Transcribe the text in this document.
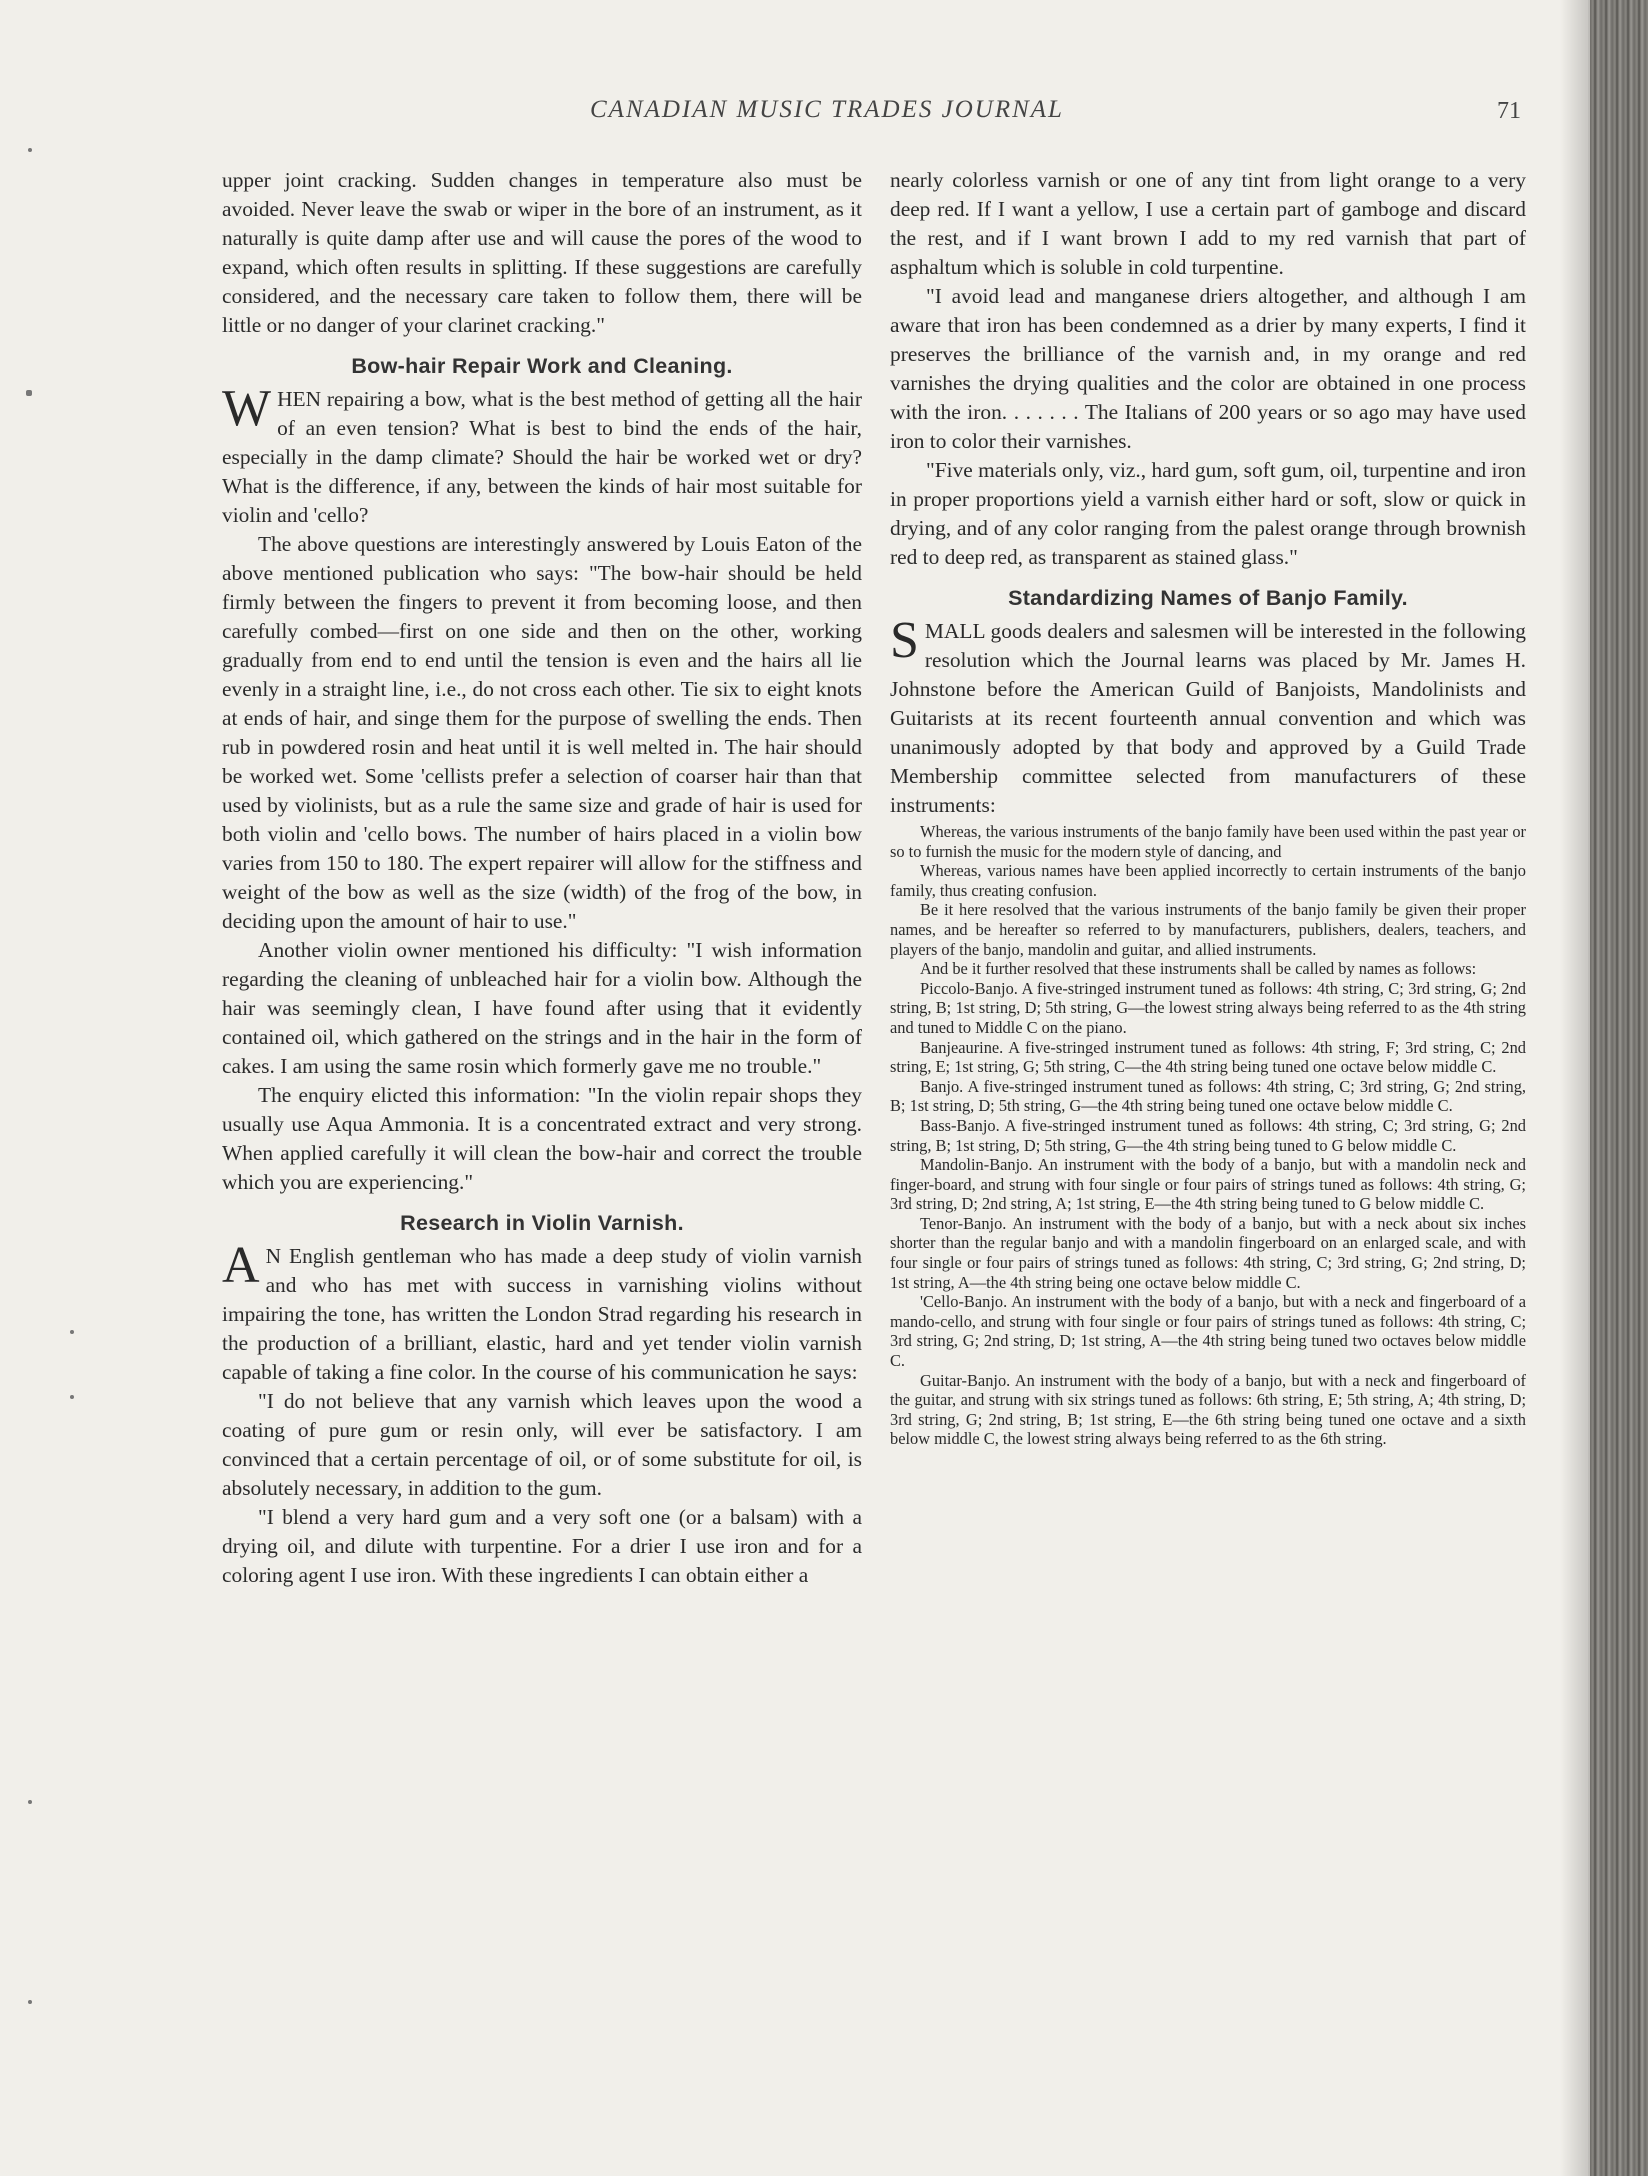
CANADIAN MUSIC TRADES JOURNAL	71

upper joint cracking. Sudden changes in temperature also must be avoided. Never leave the swab or wiper in the bore of an instrument, as it naturally is quite damp after use and will cause the pores of the wood to expand, which often results in splitting. If these suggestions are carefully considered, and the necessary care taken to follow them, there will be little or no danger of your clarinet cracking."

Bow-hair Repair Work and Cleaning.

WHEN repairing a bow, what is the best method of getting all the hair of an even tension? What is best to bind the ends of the hair, especially in the damp climate? Should the hair be worked wet or dry? What is the difference, if any, between the kinds of hair most suitable for violin and 'cello?

The above questions are interestingly answered by Louis Eaton of the above mentioned publication who says: "The bow-hair should be held firmly between the fingers to prevent it from becoming loose, and then carefully combed—first on one side and then on the other, working gradually from end to end until the tension is even and the hairs all lie evenly in a straight line, i.e., do not cross each other. Tie six to eight knots at ends of hair, and singe them for the purpose of swelling the ends. Then rub in powdered rosin and heat until it is well melted in. The hair should be worked wet. Some 'cellists prefer a selection of coarser hair than that used by violinists, but as a rule the same size and grade of hair is used for both violin and 'cello bows. The number of hairs placed in a violin bow varies from 150 to 180. The expert repairer will allow for the stiffness and weight of the bow as well as the size (width) of the frog of the bow, in deciding upon the amount of hair to use."

Another violin owner mentioned his difficulty: "I wish information regarding the cleaning of unbleached hair for a violin bow. Although the hair was seemingly clean, I have found after using that it evidently contained oil, which gathered on the strings and in the hair in the form of cakes. I am using the same rosin which formerly gave me no trouble."

The enquiry elicted this information: "In the violin repair shops they usually use Aqua Ammonia. It is a concentrated extract and very strong. When applied carefully it will clean the bow-hair and correct the trouble which you are experiencing."

Research in Violin Varnish.

A N English gentleman who has made a deep study of violin varnish and who has met with success in varnishing violins without impairing the tone, has written the London Strad regarding his research in the production of a brilliant, elastic, hard and yet tender violin varnish capable of taking a fine color. In the course of his communication he says:

"I do not believe that any varnish which leaves upon the wood a coating of pure gum or resin only, will ever be satisfactory. I am convinced that a certain percentage of oil, or of some substitute for oil, is absolutely necessary, in addition to the gum.

"I blend a very hard gum and a very soft one (or a balsam) with a drying oil, and dilute with turpentine. For a drier I use iron and for a coloring agent I use iron. With these ingredients I can obtain either a

nearly colorless varnish or one of any tint from light orange to a very deep red. If I want a yellow, I use a certain part of gamboge and discard the rest, and if I want brown I add to my red varnish that part of asphaltum which is soluble in cold turpentine.

"I avoid lead and manganese driers altogether, and although I am aware that iron has been condemned as a drier by many experts, I find it preserves the brilliance of the varnish and, in my orange and red varnishes the drying qualities and the color are obtained in one process with the iron. . . . . . . The Italians of 200 years or so ago may have used iron to color their varnishes.

"Five materials only, viz., hard gum, soft gum, oil, turpentine and iron in proper proportions yield a varnish either hard or soft, slow or quick in drying, and of any color ranging from the palest orange through brownish red to deep red, as transparent as stained glass."

Standardizing Names of Banjo Family.

SMALL goods dealers and salesmen will be interested in the following resolution which the Journal learns was placed by Mr. James H. Johnstone before the American Guild of Banjoists, Mandolinists and Guitarists at its recent fourteenth annual convention and which was unanimously adopted by that body and approved by a Guild Trade Membership committee selected from manufacturers of these instruments:

Whereas, the various instruments of the banjo family have been used within the past year or so to furnish the music for the modern style of dancing, and

Whereas, various names have been applied incorrectly to certain instruments of the banjo family, thus creating confusion.

Be it here resolved that the various instruments of the banjo family be given their proper names, and be hereafter so referred to by manufacturers, publishers, dealers, teachers, and players of the banjo, mandolin and guitar, and allied instruments.

And be it further resolved that these instruments shall be called by names as follows:

Piccolo-Banjo. A five-stringed instrument tuned as follows: 4th string, C; 3rd string, G; 2nd string, B; 1st string, D; 5th string, G—the lowest string always being referred to as the 4th string and tuned to Middle C on the piano.

Banjeaurine. A five-stringed instrument tuned as follows: 4th string, F; 3rd string, C; 2nd string, E; 1st string, G; 5th string, C—the 4th string being tuned one octave below middle C.

Banjo. A five-stringed instrument tuned as follows: 4th string, C; 3rd string, G; 2nd string, B; 1st string, D; 5th string, G—the 4th string being tuned one octave below middle C.

Bass-Banjo. A five-stringed instrument tuned as follows: 4th string, C; 3rd string, G; 2nd string, B; 1st string, D; 5th string, G—the 4th string being tuned to G below middle C.

Mandolin-Banjo. An instrument with the body of a banjo, but with a mandolin neck and finger-board, and strung with four single or four pairs of strings tuned as follows: 4th string, G; 3rd string, D; 2nd string, A; 1st string, E—the 4th string being tuned to G below middle C.

Tenor-Banjo. An instrument with the body of a banjo, but with a neck about six inches shorter than the regular banjo and with a mandolin fingerboard on an enlarged scale, and with four single or four pairs of strings tuned as follows: 4th string, C; 3rd string, G; 2nd string, D; 1st string, A—the 4th string being one octave below middle C.

'Cello-Banjo. An instrument with the body of a banjo, but with a neck and fingerboard of a mando-cello, and strung with four single or four pairs of strings tuned as follows: 4th string, C; 3rd string, G; 2nd string, D; 1st string, A—the 4th string being tuned two octaves below middle C.

Guitar-Banjo. An instrument with the body of a banjo, but with a neck and fingerboard of the guitar, and strung with six strings tuned as follows: 6th string, E; 5th string, A; 4th string, D; 3rd string, G; 2nd string, B; 1st string, E—the 6th string being tuned one octave and a sixth below middle C, the lowest string always being referred to as the 6th string.
